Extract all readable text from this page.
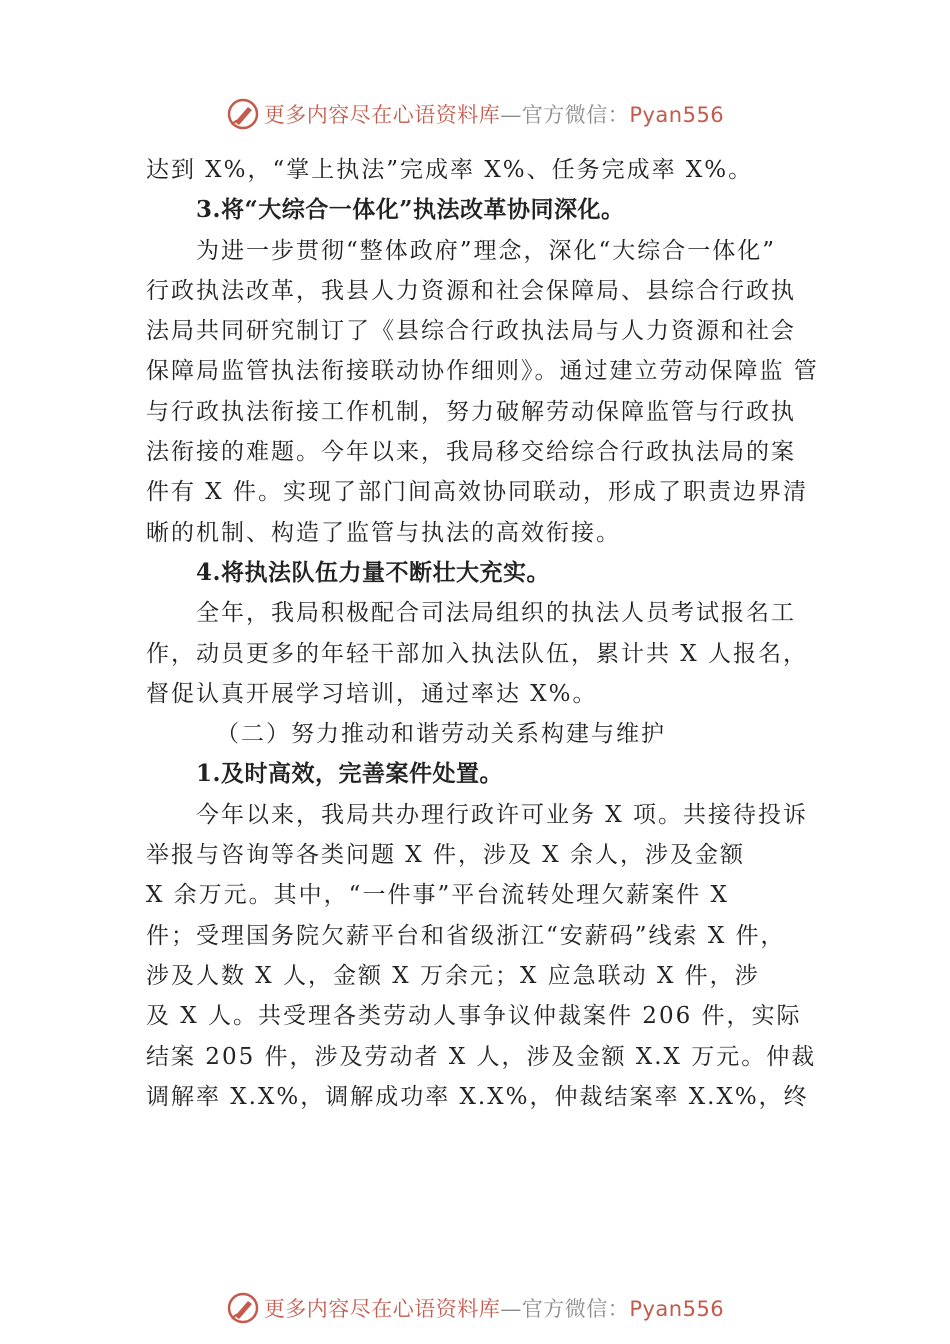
更多内容尽在心语资料库—官方微信：Pyan556
达到 X%，“掌上执法”完成率 X%、任务完成率 X%。
3.将“大综合一体化”执法改革协同深化。
为进一步贯彻“整体政府”理念，深化“大综合一体化”
行政执法改革，我县人力资源和社会保障局、县综合行政执
法局共同研究制订了《县综合行政执法局与人力资源和社会
保障局监管执法衔接联动协作细则》。通过建立劳动保障监 管
与行政执法衔接工作机制，努力破解劳动保障监管与行政执
法衔接的难题。今年以来，我局移交给综合行政执法局的案
件有 X 件。实现了部门间高效协同联动，形成了职责边界清
晰的机制、构造了监管与执法的高效衔接。
4.将执法队伍力量不断壮大充实。
全年，我局积极配合司法局组织的执法人员考试报名工
作，动员更多的年轻干部加入执法队伍，累计共 X 人报名，
督促认真开展学习培训，通过率达 X%。
（二）努力推动和谐劳动关系构建与维护
1.及时高效，完善案件处置。
今年以来，我局共办理行政许可业务 X 项。共接待投诉
举报与咨询等各类问题 X 件，涉及 X 余人，涉及金额
X 余万元。其中，“一件事”平台流转处理欠薪案件 X
件；受理国务院欠薪平台和省级浙江“安薪码”线索 X 件，
涉及人数 X 人，金额 X 万余元；X 应急联动 X 件，涉
及 X 人。共受理各类劳动人事争议仲裁案件 206 件，实际
结案 205 件，涉及劳动者 X 人，涉及金额 X.X 万元。仲裁
调解率 X.X%，调解成功率 X.X%，仲裁结案率 X.X%，终
更多内容尽在心语资料库—官方微信：Pyan556
